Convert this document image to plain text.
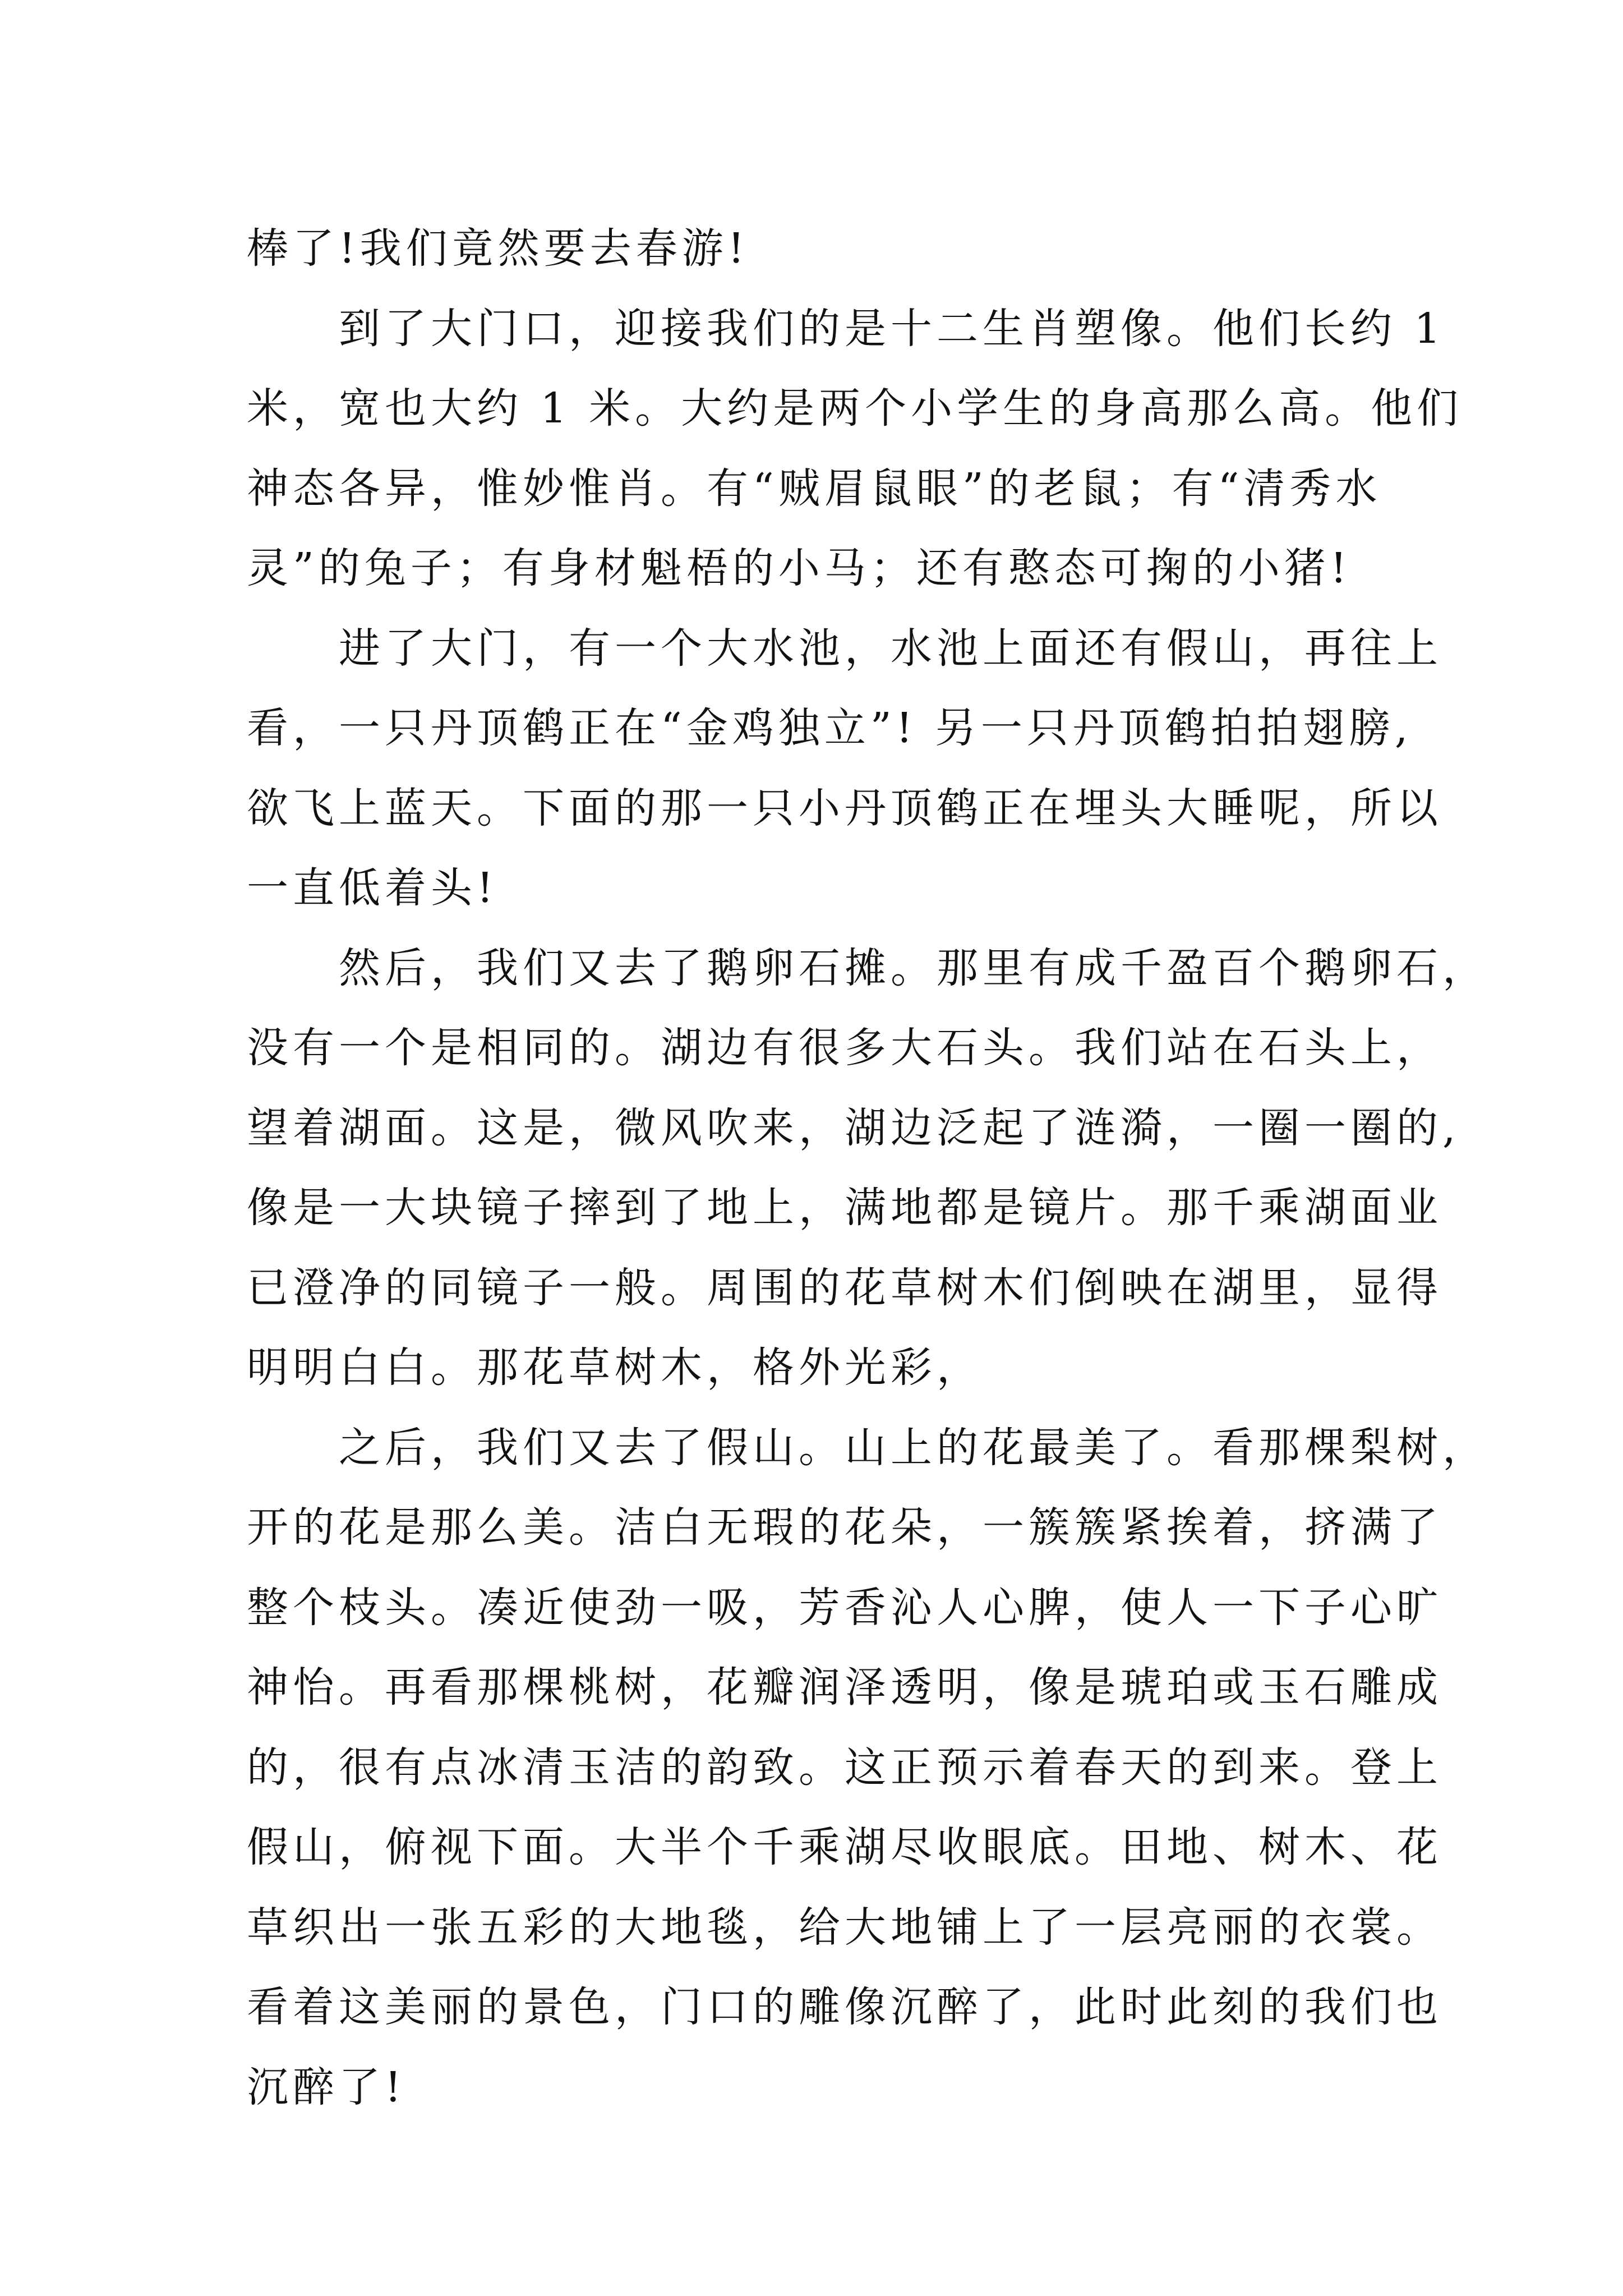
棒了!我们竟然要去春游!
到了大门口，迎接我们的是十二生肖塑像。他们长约 1
米，宽也大约 1 米。大约是两个小学生的身高那么高。他们
神态各异，惟妙惟肖。有“贼眉鼠眼”的老鼠；有“清秀水
灵”的兔子；有身材魁梧的小马；还有憨态可掬的小猪!
进了大门，有一个大水池，水池上面还有假山，再往上
看，一只丹顶鹤正在“金鸡独立”! 另一只丹顶鹤拍拍翅膀,
欲飞上蓝天。下面的那一只小丹顶鹤正在埋头大睡呢，所以
一直低着头!
然后，我们又去了鹅卵石摊。那里有成千盈百个鹅卵石，
没有一个是相同的。湖边有很多大石头。我们站在石头上，
望着湖面。这是，微风吹来，湖边泛起了涟漪，一圈一圈的,
像是一大块镜子摔到了地上，满地都是镜片。那千乘湖面业
已澄净的同镜子一般。周围的花草树木们倒映在湖里，显得
明明白白。那花草树木，格外光彩，
之后，我们又去了假山。山上的花最美了。看那棵梨树，
开的花是那么美。洁白无瑕的花朵，一簇簇紧挨着，挤满了
整个枝头。凑近使劲一吸，芳香沁人心脾，使人一下子心旷
神怡。再看那棵桃树，花瓣润泽透明，像是琥珀或玉石雕成
的，很有点冰清玉洁的韵致。这正预示着春天的到来。登上
假山，俯视下面。大半个千乘湖尽收眼底。田地、树木、花
草织出一张五彩的大地毯，给大地铺上了一层亮丽的衣裳。
看着这美丽的景色，门口的雕像沉醉了，此时此刻的我们也
沉醉了!
